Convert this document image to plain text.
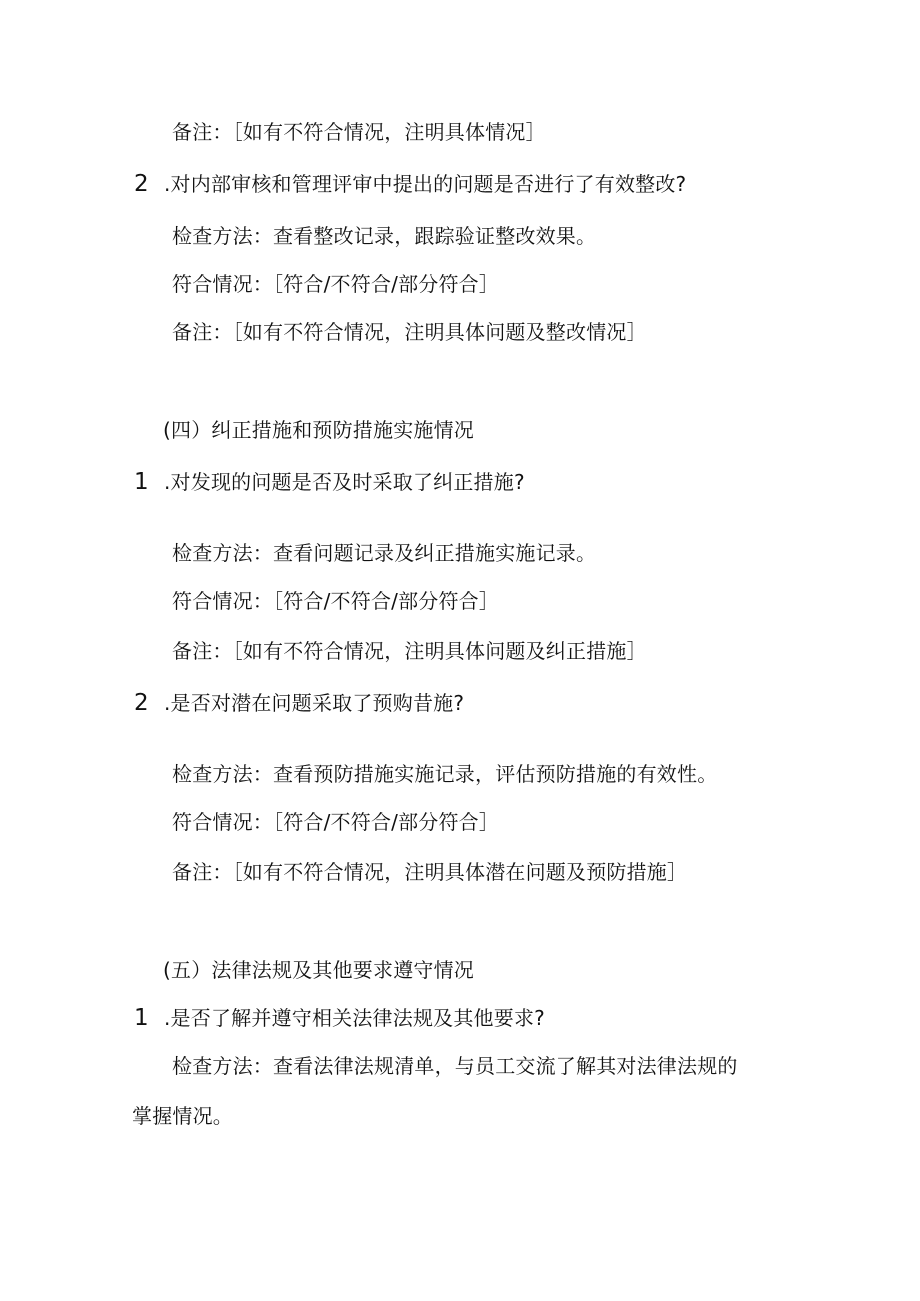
备注：［如有不符合情况，注明具体情况］
2 .对内部审核和管理评审中提出的问题是否进行了有效整改?
检查方法：查看整改记录，跟踪验证整改效果。
符合情况：［符合/不符合/部分符合］
备注：［如有不符合情况，注明具体问题及整改情况］
(四）纠正措施和预防措施实施情况
1 .对发现的问题是否及时采取了纠正措施?
检查方法：查看问题记录及纠正措施实施记录。
符合情况：［符合/不符合/部分符合］
备注：［如有不符合情况，注明具体问题及纠正措施］
2 .是否对潜在问题采取了预购昔施?
检查方法：查看预防措施实施记录，评估预防措施的有效性。
符合情况：［符合/不符合/部分符合］
备注：［如有不符合情况，注明具体潜在问题及预防措施］
(五）法律法规及其他要求遵守情况
1 .是否了解并遵守相关法律法规及其他要求?
检查方法：查看法律法规清单，与员工交流了解其对法律法规的
掌握情况。
